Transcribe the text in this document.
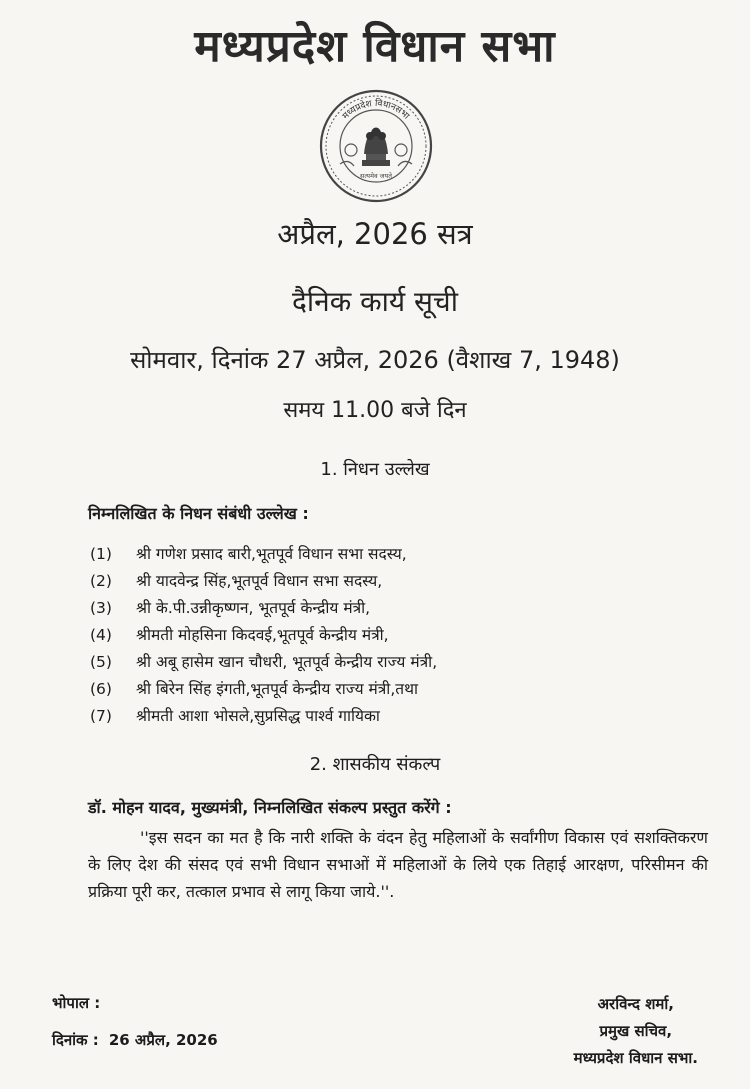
मध्यप्रदेश विधान सभा
मध्यप्रदेश विधानसभा
सत्यमेव जयते
अप्रैल, 2026 सत्र
दैनिक कार्य सूची
सोमवार, दिनांक 27 अप्रैल, 2026 (वैशाख 7, 1948)
समय 11.00 बजे दिन
1. निधन उल्लेख

निम्नलिखित के निधन संबंधी उल्लेख :

(1) श्री गणेश प्रसाद बारी,भूतपूर्व विधान सभा सदस्य,
(2) श्री यादवेन्द्र सिंह,भूतपूर्व विधान सभा सदस्य,
(3) श्री के.पी.उन्नीकृष्णन, भूतपूर्व केन्द्रीय मंत्री,
(4) श्रीमती मोहसिना किदवई,भूतपूर्व केन्द्रीय मंत्री,
(5) श्री अबू हासेम खान चौधरी, भूतपूर्व केन्द्रीय राज्य मंत्री,
(6) श्री बिरेन सिंह इंगती,भूतपूर्व केन्द्रीय राज्य मंत्री,तथा
(7) श्रीमती आशा भोसले,सुप्रसिद्ध पार्श्व गायिका
2. शासकीय संकल्प

डॉ. मोहन यादव, मुख्यमंत्री, निम्नलिखित संकल्प प्रस्तुत करेंगे :

''इस सदन का मत है कि नारी शक्ति के वंदन हेतु महिलाओं के सर्वांगीण विकास एवं सशक्तिकरण के लिए देश की संसद एवं सभी विधान सभाओं में महिलाओं के लिये एक तिहाई आरक्षण, परिसीमन की प्रक्रिया पूरी कर, तत्काल प्रभाव से लागू किया जाये.''.

भोपाल :
दिनांक : 26 अप्रैल, 2026
अरविन्द शर्मा,
प्रमुख सचिव,
मध्यप्रदेश विधान सभा.
